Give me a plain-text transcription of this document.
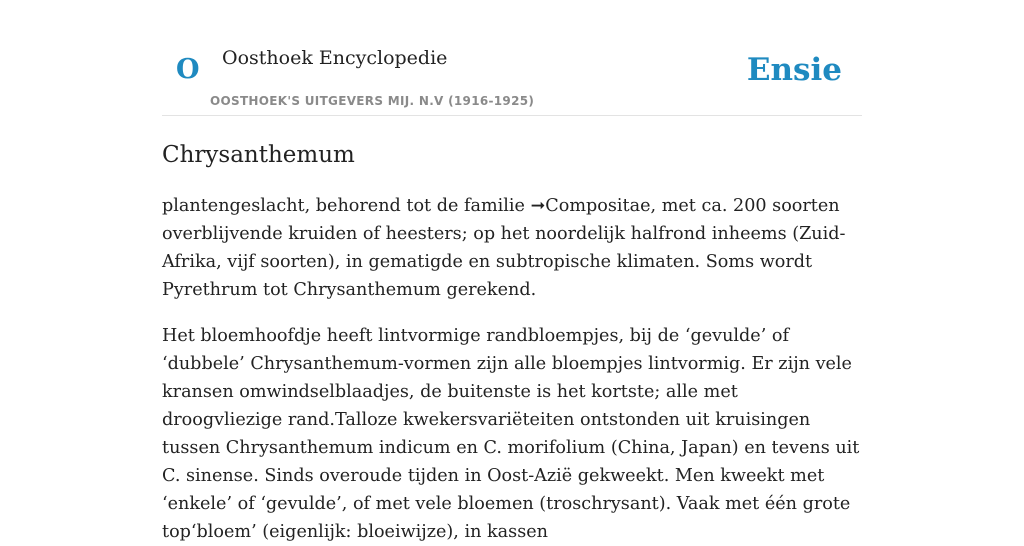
O Oosthoek Encyclopedie
OOSTHOEK'S UITGEVERS MIJ. N.V (1916-1925)
Ensie
Chrysanthemum

plantengeslacht, behorend tot de familie ➞Compositae, met ca. 200 soorten overblijvende kruiden of heesters; op het noordelijk halfrond inheems (Zuid-Afrika, vijf soorten), in gematigde en subtropische klimaten. Soms wordt Pyrethrum tot Chrysanthemum gerekend.

Het bloemhoofdje heeft lintvormige randbloempjes, bij de ‘gevulde’ of ‘dubbele’ Chrysanthemum-vormen zijn alle bloempjes lintvormig. Er zijn vele kransen omwindselblaadjes, de buitenste is het kortste; alle met droogvliezige rand.Talloze kwekersvariëteiten ontstonden uit kruisingen tussen Chrysanthemum indicum en C. morifolium (China, Japan) en tevens uit C. sinense. Sinds overoude tijden in Oost-Azië gekweekt. Men kweekt met ‘enkele’ of ‘gevulde’, of met vele bloemen (troschrysant). Vaak met één grote top‘bloem’ (eigenlijk: bloeiwijze), in kassen
